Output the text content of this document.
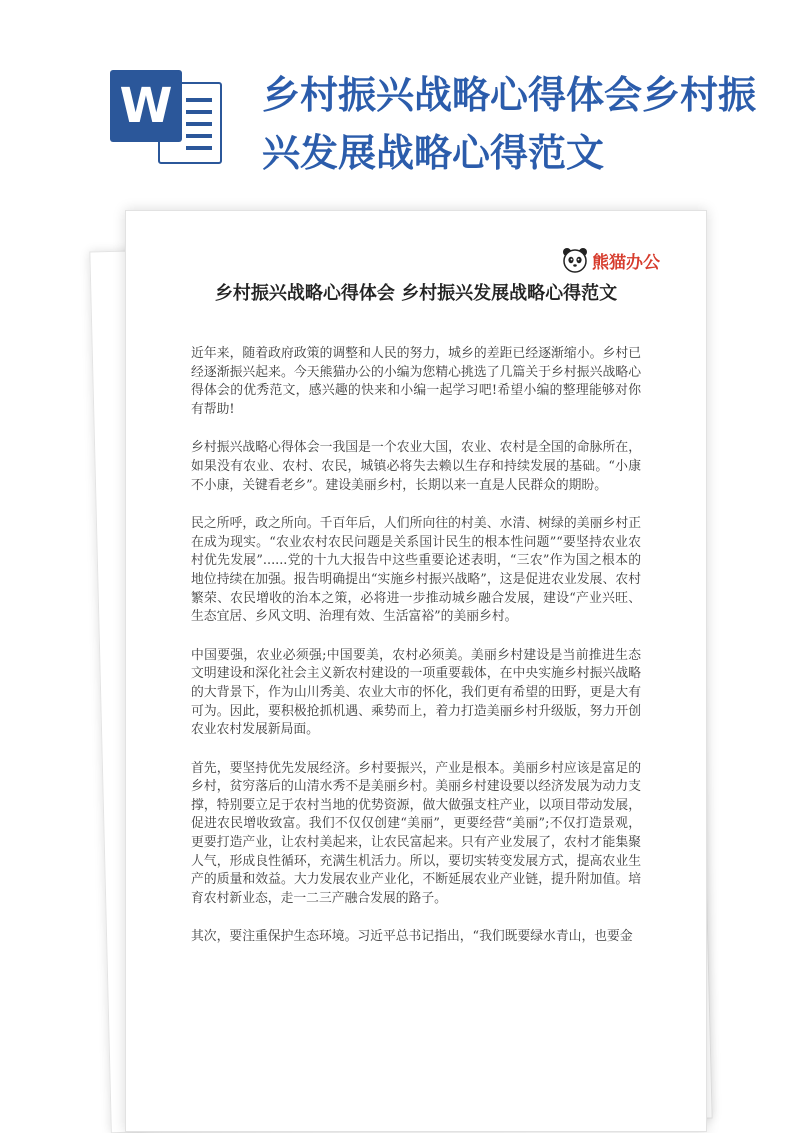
W 乡村振兴战略心得体会乡村振兴发展战略心得范文
熊猫办公
乡村振兴战略心得体会 乡村振兴发展战略心得范文

近年来，随着政府政策的调整和人民的努力，城乡的差距已经逐渐缩小。乡村已经逐渐振兴起来。今天熊猫办公的小编为您精心挑选了几篇关于乡村振兴战略心得体会的优秀范文，感兴趣的快来和小编一起学习吧!希望小编的整理能够对你有帮助!

乡村振兴战略心得体会一我国是一个农业大国，农业、农村是全国的命脉所在，如果没有农业、农村、农民，城镇必将失去赖以生存和持续发展的基础。“小康不小康，关键看老乡”。建设美丽乡村，长期以来一直是人民群众的期盼。

民之所呼，政之所向。千百年后，人们所向往的村美、水清、树绿的美丽乡村正在成为现实。“农业农村农民问题是关系国计民生的根本性问题”“要坚持农业农村优先发展”......党的十九大报告中这些重要论述表明，“三农”作为国之根本的地位持续在加强。报告明确提出“实施乡村振兴战略”，这是促进农业发展、农村繁荣、农民增收的治本之策，必将进一步推动城乡融合发展，建设“产业兴旺、生态宜居、乡风文明、治理有效、生活富裕”的美丽乡村。

中国要强，农业必须强;中国要美，农村必须美。美丽乡村建设是当前推进生态文明建设和深化社会主义新农村建设的一项重要载体，在中央实施乡村振兴战略的大背景下，作为山川秀美、农业大市的怀化，我们更有希望的田野，更是大有可为。因此，要积极抢抓机遇、乘势而上，着力打造美丽乡村升级版，努力开创农业农村发展新局面。

首先，要坚持优先发展经济。乡村要振兴，产业是根本。美丽乡村应该是富足的乡村，贫穷落后的山清水秀不是美丽乡村。美丽乡村建设要以经济发展为动力支撑，特别要立足于农村当地的优势资源，做大做强支柱产业，以项目带动发展，促进农民增收致富。我们不仅仅创建“美丽”，更要经营“美丽”;不仅打造景观，更要打造产业，让农村美起来，让农民富起来。只有产业发展了，农村才能集聚人气，形成良性循环，充满生机活力。所以，要切实转变发展方式，提高农业生产的质量和效益。大力发展农业产业化，不断延展农业产业链，提升附加值。培育农村新业态，走一二三产融合发展的路子。

其次，要注重保护生态环境。习近平总书记指出，“我们既要绿水青山，也要金
